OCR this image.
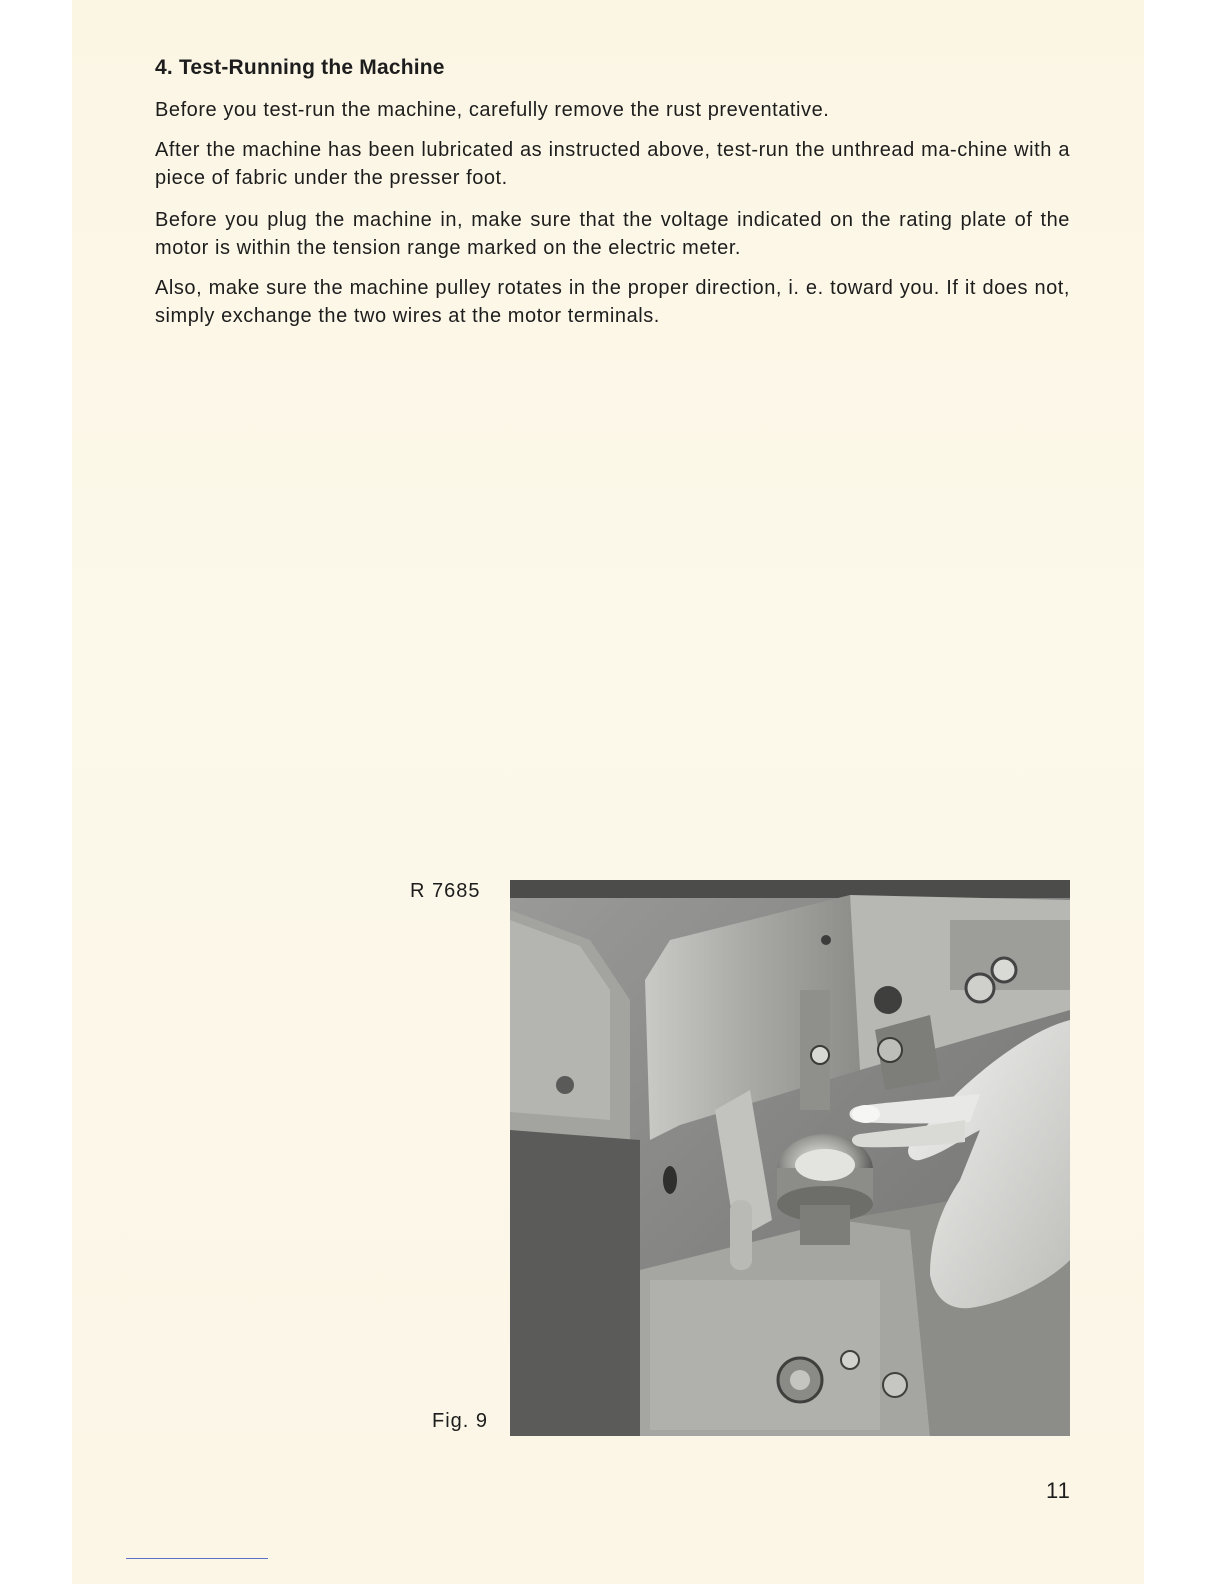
4. Test-Running the Machine

Before you test-run the machine, carefully remove the rust preventative.

After the machine has been lubricated as instructed above, test-run the unthread ma-chine with a piece of fabric under the presser foot.

Before you plug the machine in, make sure that the voltage indicated on the rating plate of the motor is within the tension range marked on the electric meter.

Also, make sure the machine pulley rotates in the proper direction, i. e. toward you. If it does not, simply exchange the two wires at the motor terminals.

R 7685
Fig. 9
11
